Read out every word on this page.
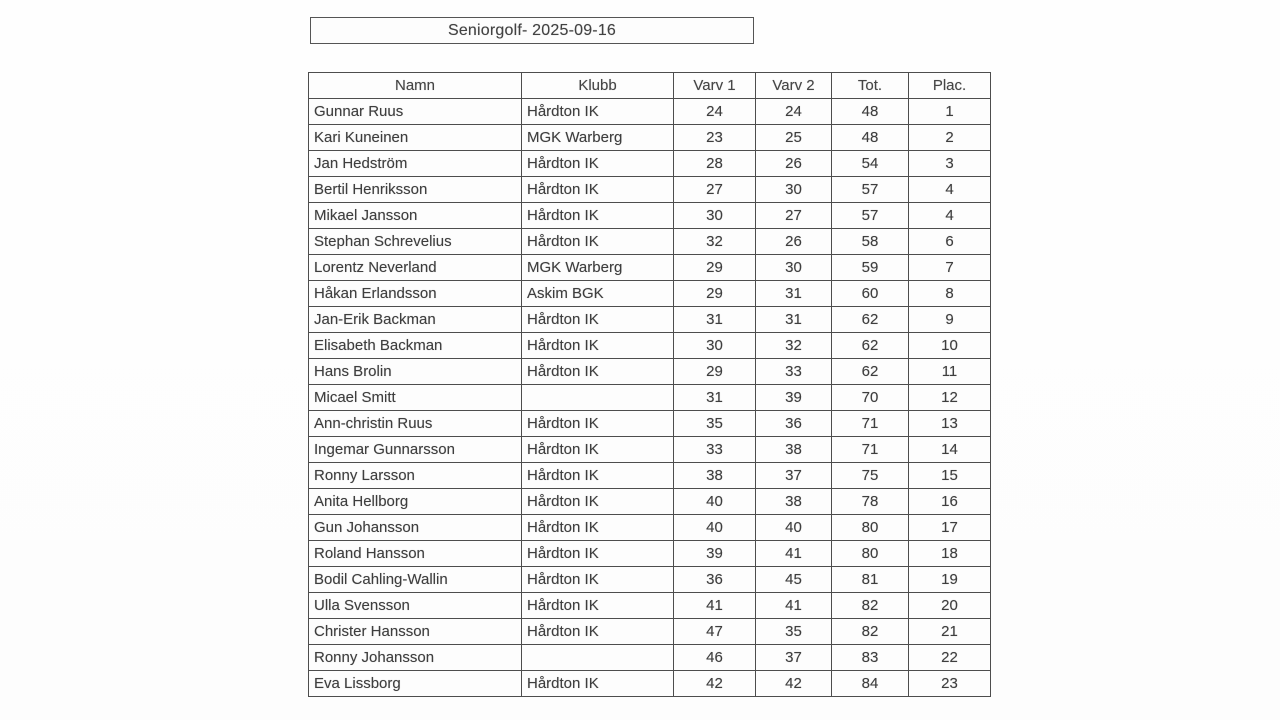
Seniorgolf- 2025-09-16
Namn	Klubb	Varv 1	Varv 2	Tot.	Plac.
Gunnar Ruus	Hårdton IK	24	24	48	1
Kari Kuneinen	MGK Warberg	23	25	48	2
Jan Hedström	Hårdton IK	28	26	54	3
Bertil Henriksson	Hårdton IK	27	30	57	4
Mikael Jansson	Hårdton IK	30	27	57	4
Stephan Schrevelius	Hårdton IK	32	26	58	6
Lorentz Neverland	MGK Warberg	29	30	59	7
Håkan Erlandsson	Askim BGK	29	31	60	8
Jan-Erik Backman	Hårdton IK	31	31	62	9
Elisabeth Backman	Hårdton IK	30	32	62	10
Hans Brolin	Hårdton IK	29	33	62	11
Micael Smitt		31	39	70	12
Ann-christin Ruus	Hårdton IK	35	36	71	13
Ingemar Gunnarsson	Hårdton IK	33	38	71	14
Ronny Larsson	Hårdton IK	38	37	75	15
Anita Hellborg	Hårdton IK	40	38	78	16
Gun Johansson	Hårdton IK	40	40	80	17
Roland Hansson	Hårdton IK	39	41	80	18
Bodil Cahling-Wallin	Hårdton IK	36	45	81	19
Ulla Svensson	Hårdton IK	41	41	82	20
Christer Hansson	Hårdton IK	47	35	82	21
Ronny Johansson		46	37	83	22
Eva Lissborg	Hårdton IK	42	42	84	23
